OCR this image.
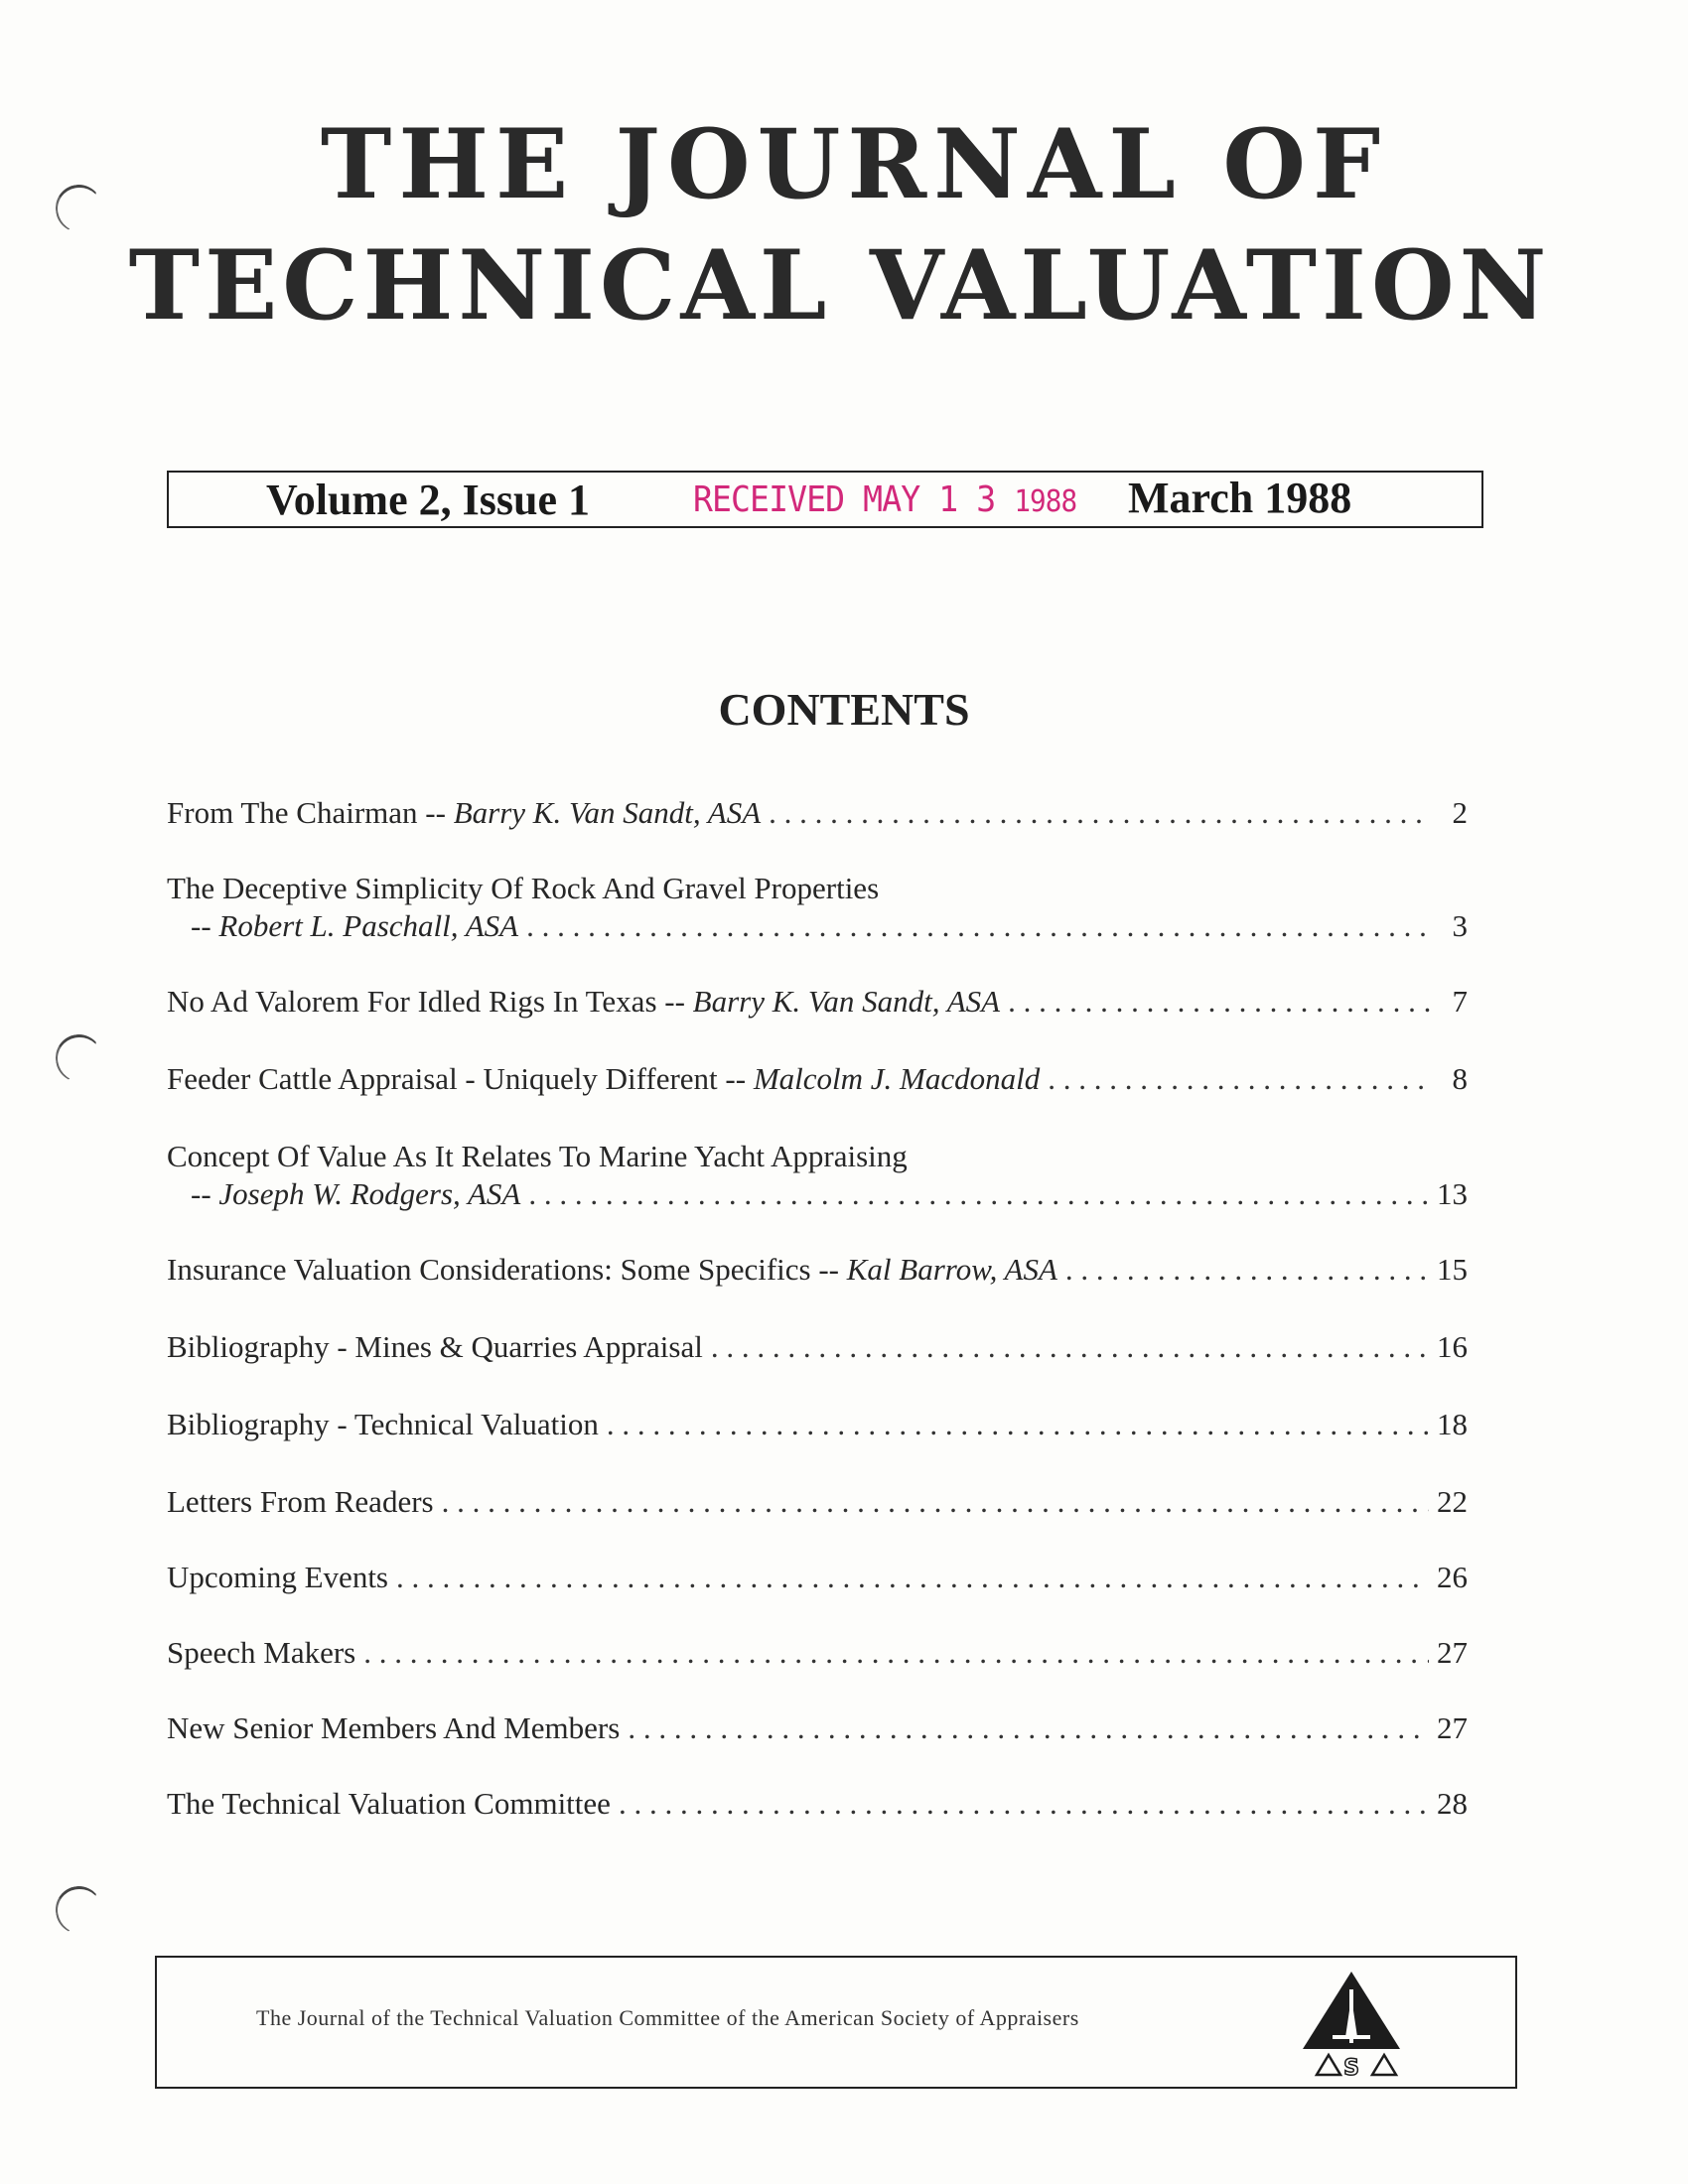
THE JOURNAL OF
TECHNICAL VALUATION
Volume 2, Issue 1	RECEIVED MAY 1 3 1988 March 1988
CONTENTS
From The Chairman -- Barry K. Van Sandt, ASA . . .	2
The Deceptive Simplicity Of Rock And Gravel Properties
-- Robert L. Paschall, ASA . . .	3
No Ad Valorem For Idled Rigs In Texas -- Barry K. Van Sandt, ASA . . .	7
Feeder Cattle Appraisal - Uniquely Different -- Malcolm J. Macdonald . . .	8
Concept Of Value As It Relates To Marine Yacht Appraising
-- Joseph W. Rodgers, ASA . . .	13
Insurance Valuation Considerations: Some Specifics -- Kal Barrow, ASA . . .	15
Bibliography - Mines & Quarries Appraisal . . .	16
Bibliography - Technical Valuation . . .	18
Letters From Readers . . .	22
Upcoming Events . . .	26
Speech Makers . . .	27
New Senior Members And Members . . .	27
The Technical Valuation Committee . . .	28
The Journal of the Technical Valuation Committee of the American Society of Appraisers
S
